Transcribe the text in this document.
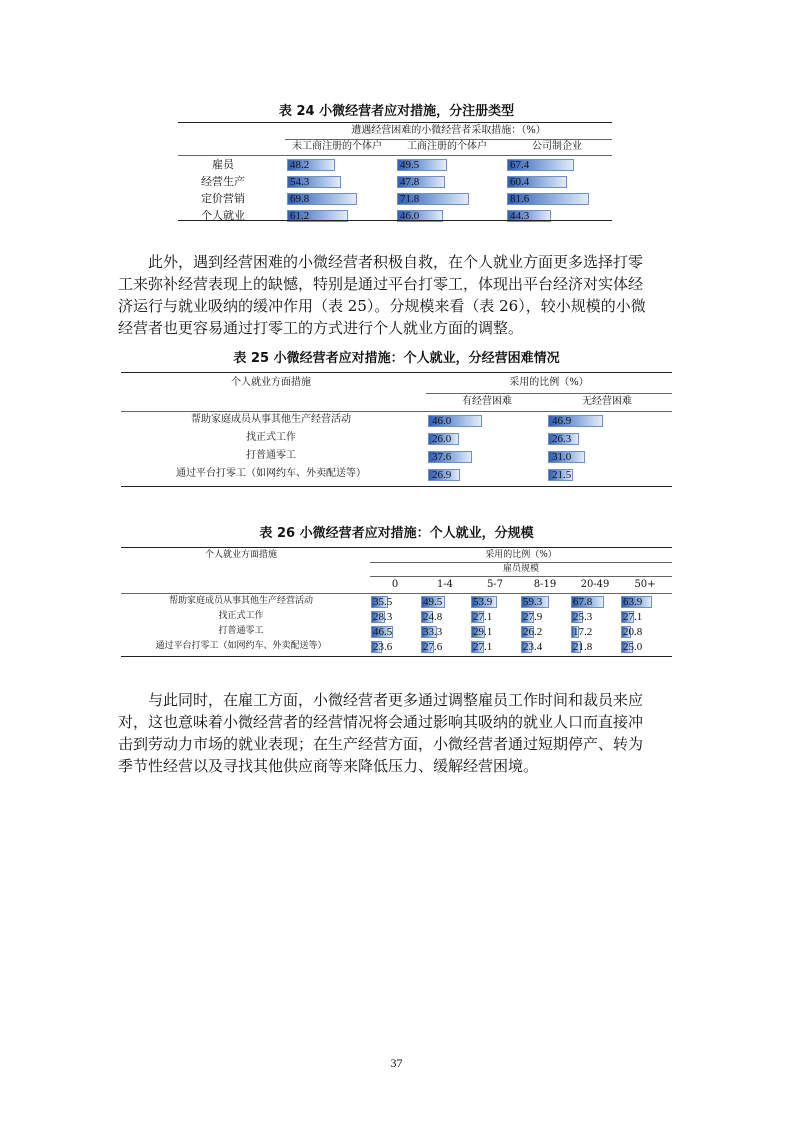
表 24 小微经营者应对措施，分注册类型
遭遇经营困难的小微经营者采取措施：（%）
未工商注册的个体户	工商注册的个体户	公司制企业
雇员	48.2	49.5	67.4
经营生产	54.3	47.8	60.4
定价营销	69.8	71.8	81.6
个人就业	61.2	46.0	44.3
此外，遇到经营困难的小微经营者积极自救，在个人就业方面更多选择打零
工来弥补经营表现上的缺憾，特别是通过平台打零工，体现出平台经济对实体经
济运行与就业吸纳的缓冲作用（表 25）。分规模来看（表 26），较小规模的小微
经营者也更容易通过打零工的方式进行个人就业方面的调整。
表 25 小微经营者应对措施：个人就业，分经营困难情况
个人就业方面措施	采用的比例（%）
有经营困难	无经营困难
帮助家庭成员从事其他生产经营活动	46.0	46.9
找正式工作	26.0	26.3
打普通零工	37.6	31.0
通过平台打零工（如网约车、外卖配送等）	26.9	21.5
表 26 小微经营者应对措施：个人就业，分规模
个人就业方面措施	采用的比例（%）
雇员规模
0	1-4	5-7	8-19	20-49	50+
帮助家庭成员从事其他生产经营活动	35.5	49.5	53.9	59.3	67.8	63.9
找正式工作	28.3	24.8	27.1	27.9	25.3	27.1
打普通零工	46.5	33.3	29.1	26.2	17.2	20.8
通过平台打零工（如网约车、外卖配送等）	23.6	27.6	27.1	23.4	21.8	25.0
与此同时，在雇工方面，小微经营者更多通过调整雇员工作时间和裁员来应
对，这也意味着小微经营者的经营情况将会通过影响其吸纳的就业人口而直接冲
击到劳动力市场的就业表现；在生产经营方面，小微经营者通过短期停产、转为
季节性经营以及寻找其他供应商等来降低压力、缓解经营困境。
37
